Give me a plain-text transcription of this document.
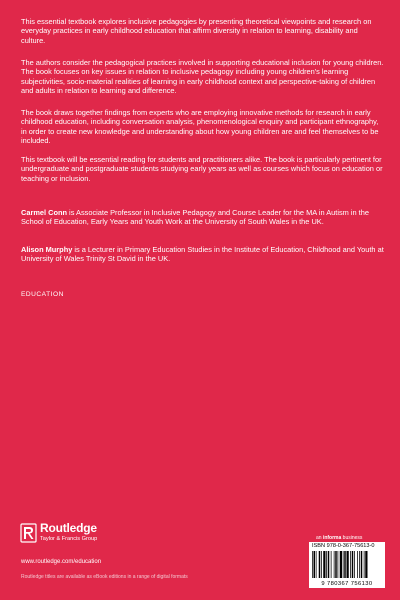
This essential textbook explores inclusive pedagogies by presenting theoretical viewpoints and research on everyday practices in early childhood education that affirm diversity in relation to learning, disability and culture.

The authors consider the pedagogical practices involved in supporting educational inclusion for young children. The book focuses on key issues in relation to inclusive pedagogy including young children's learning subjectivities, socio-material realities of learning in early childhood context and perspective-taking of children and adults in relation to learning and difference.

The book draws together findings from experts who are employing innovative methods for research in early childhood education, including conversation analysis, phenomenological enquiry and participant ethnography, in order to create new knowledge and understanding about how young children are and feel themselves to be included.

This textbook will be essential reading for students and practitioners alike. The book is particularly pertinent for undergraduate and postgraduate students studying early years as well as courses which focus on education or teaching or inclusion.

Carmel Conn is Associate Professor in Inclusive Pedagogy and Course Leader for the MA in Autism in the School of Education, Early Years and Youth Work at the University of South Wales in the UK.

Alison Murphy is a Lecturer in Primary Education Studies in the Institute of Education, Childhood and Youth at University of Wales Trinity St David in the UK.

EDUCATION
Routledge
Taylor & Francis Group
www.routledge.com/education
Routledge titles are available as eBook editions in a range of digital formats
an informa business
ISBN 978-0-367-75613-0
9 780367 756130
